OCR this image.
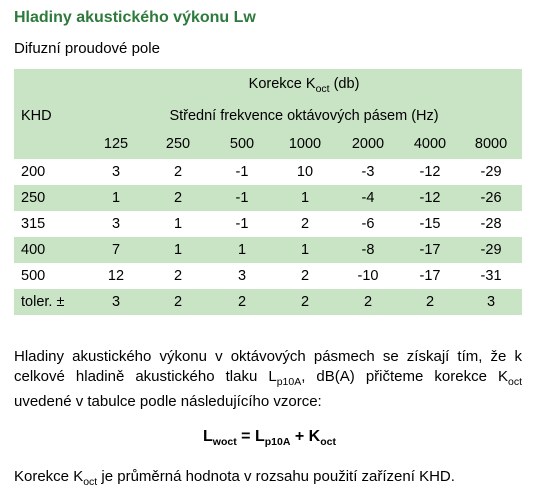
Hladiny akustického výkonu Lw
Difuzní proudové pole
	Korekce $K_{oct}$ (db)						
KHD	Střední frekvence oktávových pásem (Hz)						
	125	250	500	1000	2000	4000	8000
200	3	2	-1	10	-3	-12	-29
250	1	2	-1	1	-4	-12	-26
315	3	1	-1	2	-6	-15	-28
400	7	1	1	1	-8	-17	-29
500	12	2	3	2	-10	-17	-31
toler. ±	3	2	2	2	2	2	3
Hladiny akustického výkonu v oktávových pásmech se získají tím, že k celkové hladině akustického tlaku $L_{p10A}$, dB(A) přičteme korekce $K_{oct}$ uvedené v tabulce podle následujícího vzorce:
$L_{woct} = L_{p10A} + K_{oct}$
Korekce $K_{oct}$ je průměrná hodnota v rozsahu použití zařízení KHD.
